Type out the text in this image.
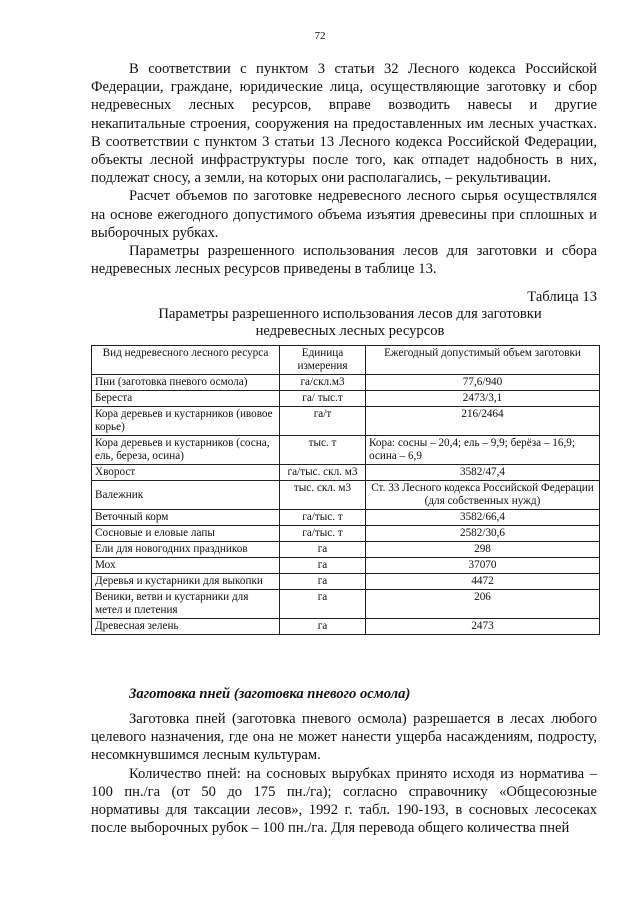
72

В соответствии с пунктом 3 статьи 32 Лесного кодекса Российской Федерации, граждане, юридические лица, осуществляющие заготовку и сбор недревесных лесных ресурсов, вправе возводить навесы и другие некапитальные строения, сооружения на предоставленных им лесных участках. В соответствии с пунктом 3 статьи 13 Лесного кодекса Российской Федерации, объекты лесной инфраструктуры после того, как отпадет надобность в них, подлежат сносу, а земли, на которых они располагались, – рекультивации.

Расчет объемов по заготовке недревесного лесного сырья осуществлялся на основе ежегодного допустимого объема изъятия древесины при сплошных и выборочных рубках.

Параметры разрешенного использования лесов для заготовки и сбора недревесных лесных ресурсов приведены в таблице 13.

Таблица 13
Параметры разрешенного использования лесов для заготовки недревесных лесных ресурсов
Вид недревесного лесного ресурса	Единица измерения	Ежегодный допустимый объем заготовки
Пни (заготовка пневого осмола)	га/скл.м3	77,6/940
Береста	га/ тыс.т	2473/3,1
Кора деревьев и кустарников (ивовое корье)	га/т	216/2464
Кора деревьев и кустарников (сосна, ель, береза, осина)	тыс. т	Кора: сосны – 20,4; ель – 9,9; берёза – 16,9; осина – 6,9
Хворост	га/тыс. скл. м3	3582/47,4
Валежник	тыс. скл. м3	Ст. 33 Лесного кодекса Российской Федерации (для собственных нужд)
Веточный корм	га/тыс. т	3582/66,4
Сосновые и еловые лапы	га/тыс. т	2582/30,6
Ели для новогодних праздников	га	298
Мох	га	37070
Деревья и кустарники для выкопки	га	4472
Веники, ветви и кустарники для метел и плетения	га	206
Древесная зелень	га	2473
Заготовка пней (заготовка пневого осмола)

Заготовка пней (заготовка пневого осмола) разрешается в лесах любого целевого назначения, где она не может нанести ущерба насаждениям, подросту, несомкнувшимся лесным культурам.

Количество пней: на сосновых вырубках принято исходя из норматива – 100 пн./га (от 50 до 175 пн./га); согласно справочнику «Общесоюзные нормативы для таксации лесов», 1992 г. табл. 190-193, в сосновых лесосеках после выборочных рубок – 100 пн./га. Для перевода общего количества пней
